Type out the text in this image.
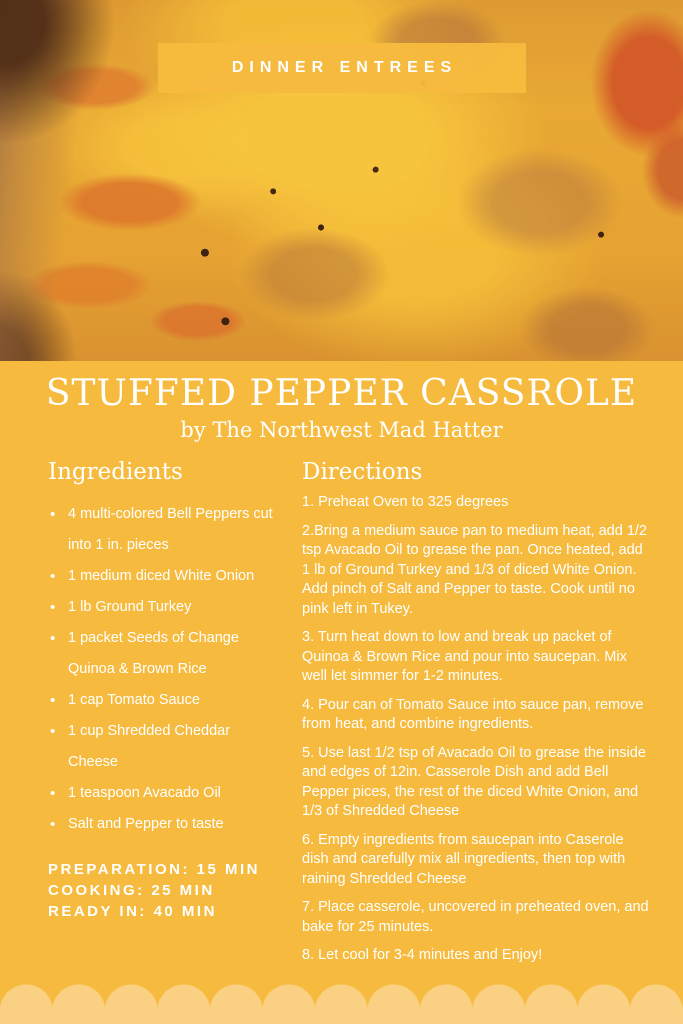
DINNER ENTREES
STUFFED PEPPER CASSROLE
by The Northwest Mad Hatter
Ingredients
• 4 multi-colored Bell Peppers cut into 1 in. pieces
• 1 medium diced White Onion
• 1 lb Ground Turkey
• 1 packet Seeds of Change Quinoa & Brown Rice
• 1 cap Tomato Sauce
• 1 cup Shredded Cheddar Cheese
• 1 teaspoon Avacado Oil
• Salt and Pepper to taste
PREPARATION: 15 MIN
COOKING: 25 MIN
READY IN: 40 MIN
Directions

1. Preheat Oven to 325 degrees

2.Bring a medium sauce pan to medium heat, add 1/2 tsp Avacado Oil to grease the pan. Once heated, add 1 lb of Ground Turkey and 1/3 of diced White Onion. Add pinch of Salt and Pepper to taste. Cook until no pink left in Tukey.

3. Turn heat down to low and break up packet of Quinoa & Brown Rice and pour into saucepan. Mix well let simmer for 1-2 minutes.

4. Pour can of Tomato Sauce into sauce pan, remove from heat, and combine ingredients.

5. Use last 1/2 tsp of Avacado Oil to grease the inside and edges of 12in. Casserole Dish and add Bell Pepper pices, the rest of the diced White Onion, and 1/3 of Shredded Cheese

6. Empty ingredients from saucepan into Caserole dish and carefully mix all ingredients, then top with raining Shredded Cheese

7. Place casserole, uncovered in preheated oven, and bake for 25 minutes.

8. Let cool for 3-4 minutes and Enjoy!
